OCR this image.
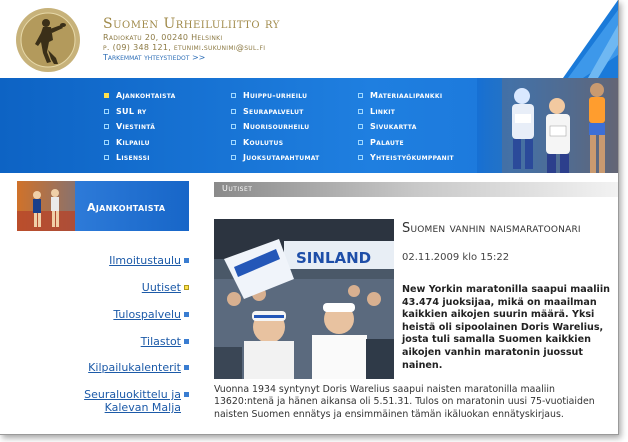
Suomen Urheiluliitto ry
Radiokatu 20, 00240 Helsinki
p. (09) 348 121, etunimi.sukunimi@sul.fi
Tarkemmat yhteystiedot >>
Ajankohtaista
SUL ry
Viestintä
Kilpailu
Lisenssi
Huippu-urheilu
Seurapalvelut
Nuorisourheilu
Koulutus
Juoksutapahtumat
Materiaalipankki
Linkit
Sivukartta
Palaute
Yhteistyökumppanit
Ajankohtaista
Ilmoitustaulu
Uutiset
Tulospalvelu
Tilastot
Kilpailukalenterit
Seuraluokittelu ja
Kalevan Malja
Uutiset
SINLAND
Suomen vanhin naismaratoonari
02.11.2009 klo 15:22
New Yorkin maratonilla saapui maaliin 43.474 juoksijaa, mikä on maailman kaikkien aikojen suurin määrä. Yksi heistä oli sipoolainen Doris Warelius, josta tuli samalla Suomen kaikkien aikojen vanhin maratonin juossut nainen.
Vuonna 1934 syntynyt Doris Warelius saapui naisten maratonilla maaliin 13620:ntenä ja hänen aikansa oli 5.51.31. Tulos on maratonin uusi 75-vuotiaiden naisten Suomen ennätys ja ensimmäinen tämän ikäluokan ennätyskirjaus.
